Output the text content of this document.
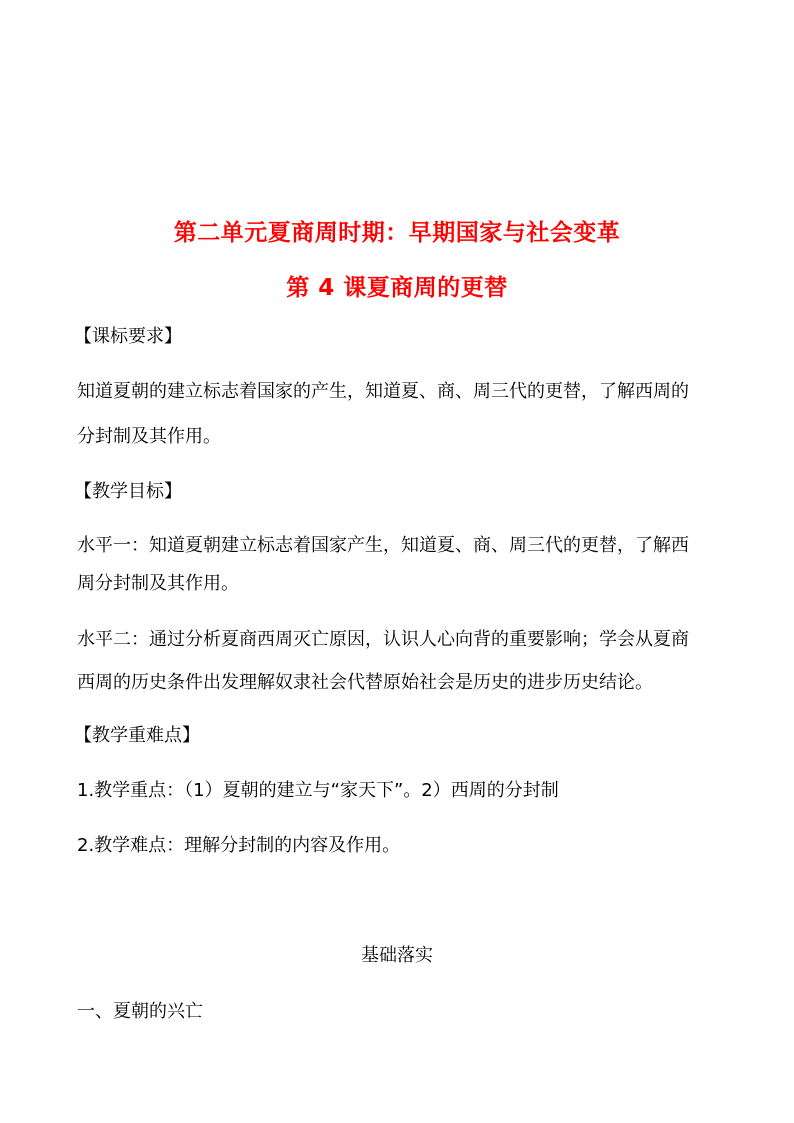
第二单元夏商周时期：早期国家与社会变革
第 4 课夏商周的更替
【课标要求】
知道夏朝的建立标志着国家的产生，知道夏、商、周三代的更替，了解西周的
分封制及其作用。
【教学目标】
水平一：知道夏朝建立标志着国家产生，知道夏、商、周三代的更替，了解西
周分封制及其作用。
水平二：通过分析夏商西周灭亡原因，认识人心向背的重要影响；学会从夏商
西周的历史条件出发理解奴隶社会代替原始社会是历史的进步历史结论。
【教学重难点】
1.教学重点：（1）夏朝的建立与“家天下”。2）西周的分封制
2.教学难点：理解分封制的内容及作用。
基础落实
一、夏朝的兴亡
